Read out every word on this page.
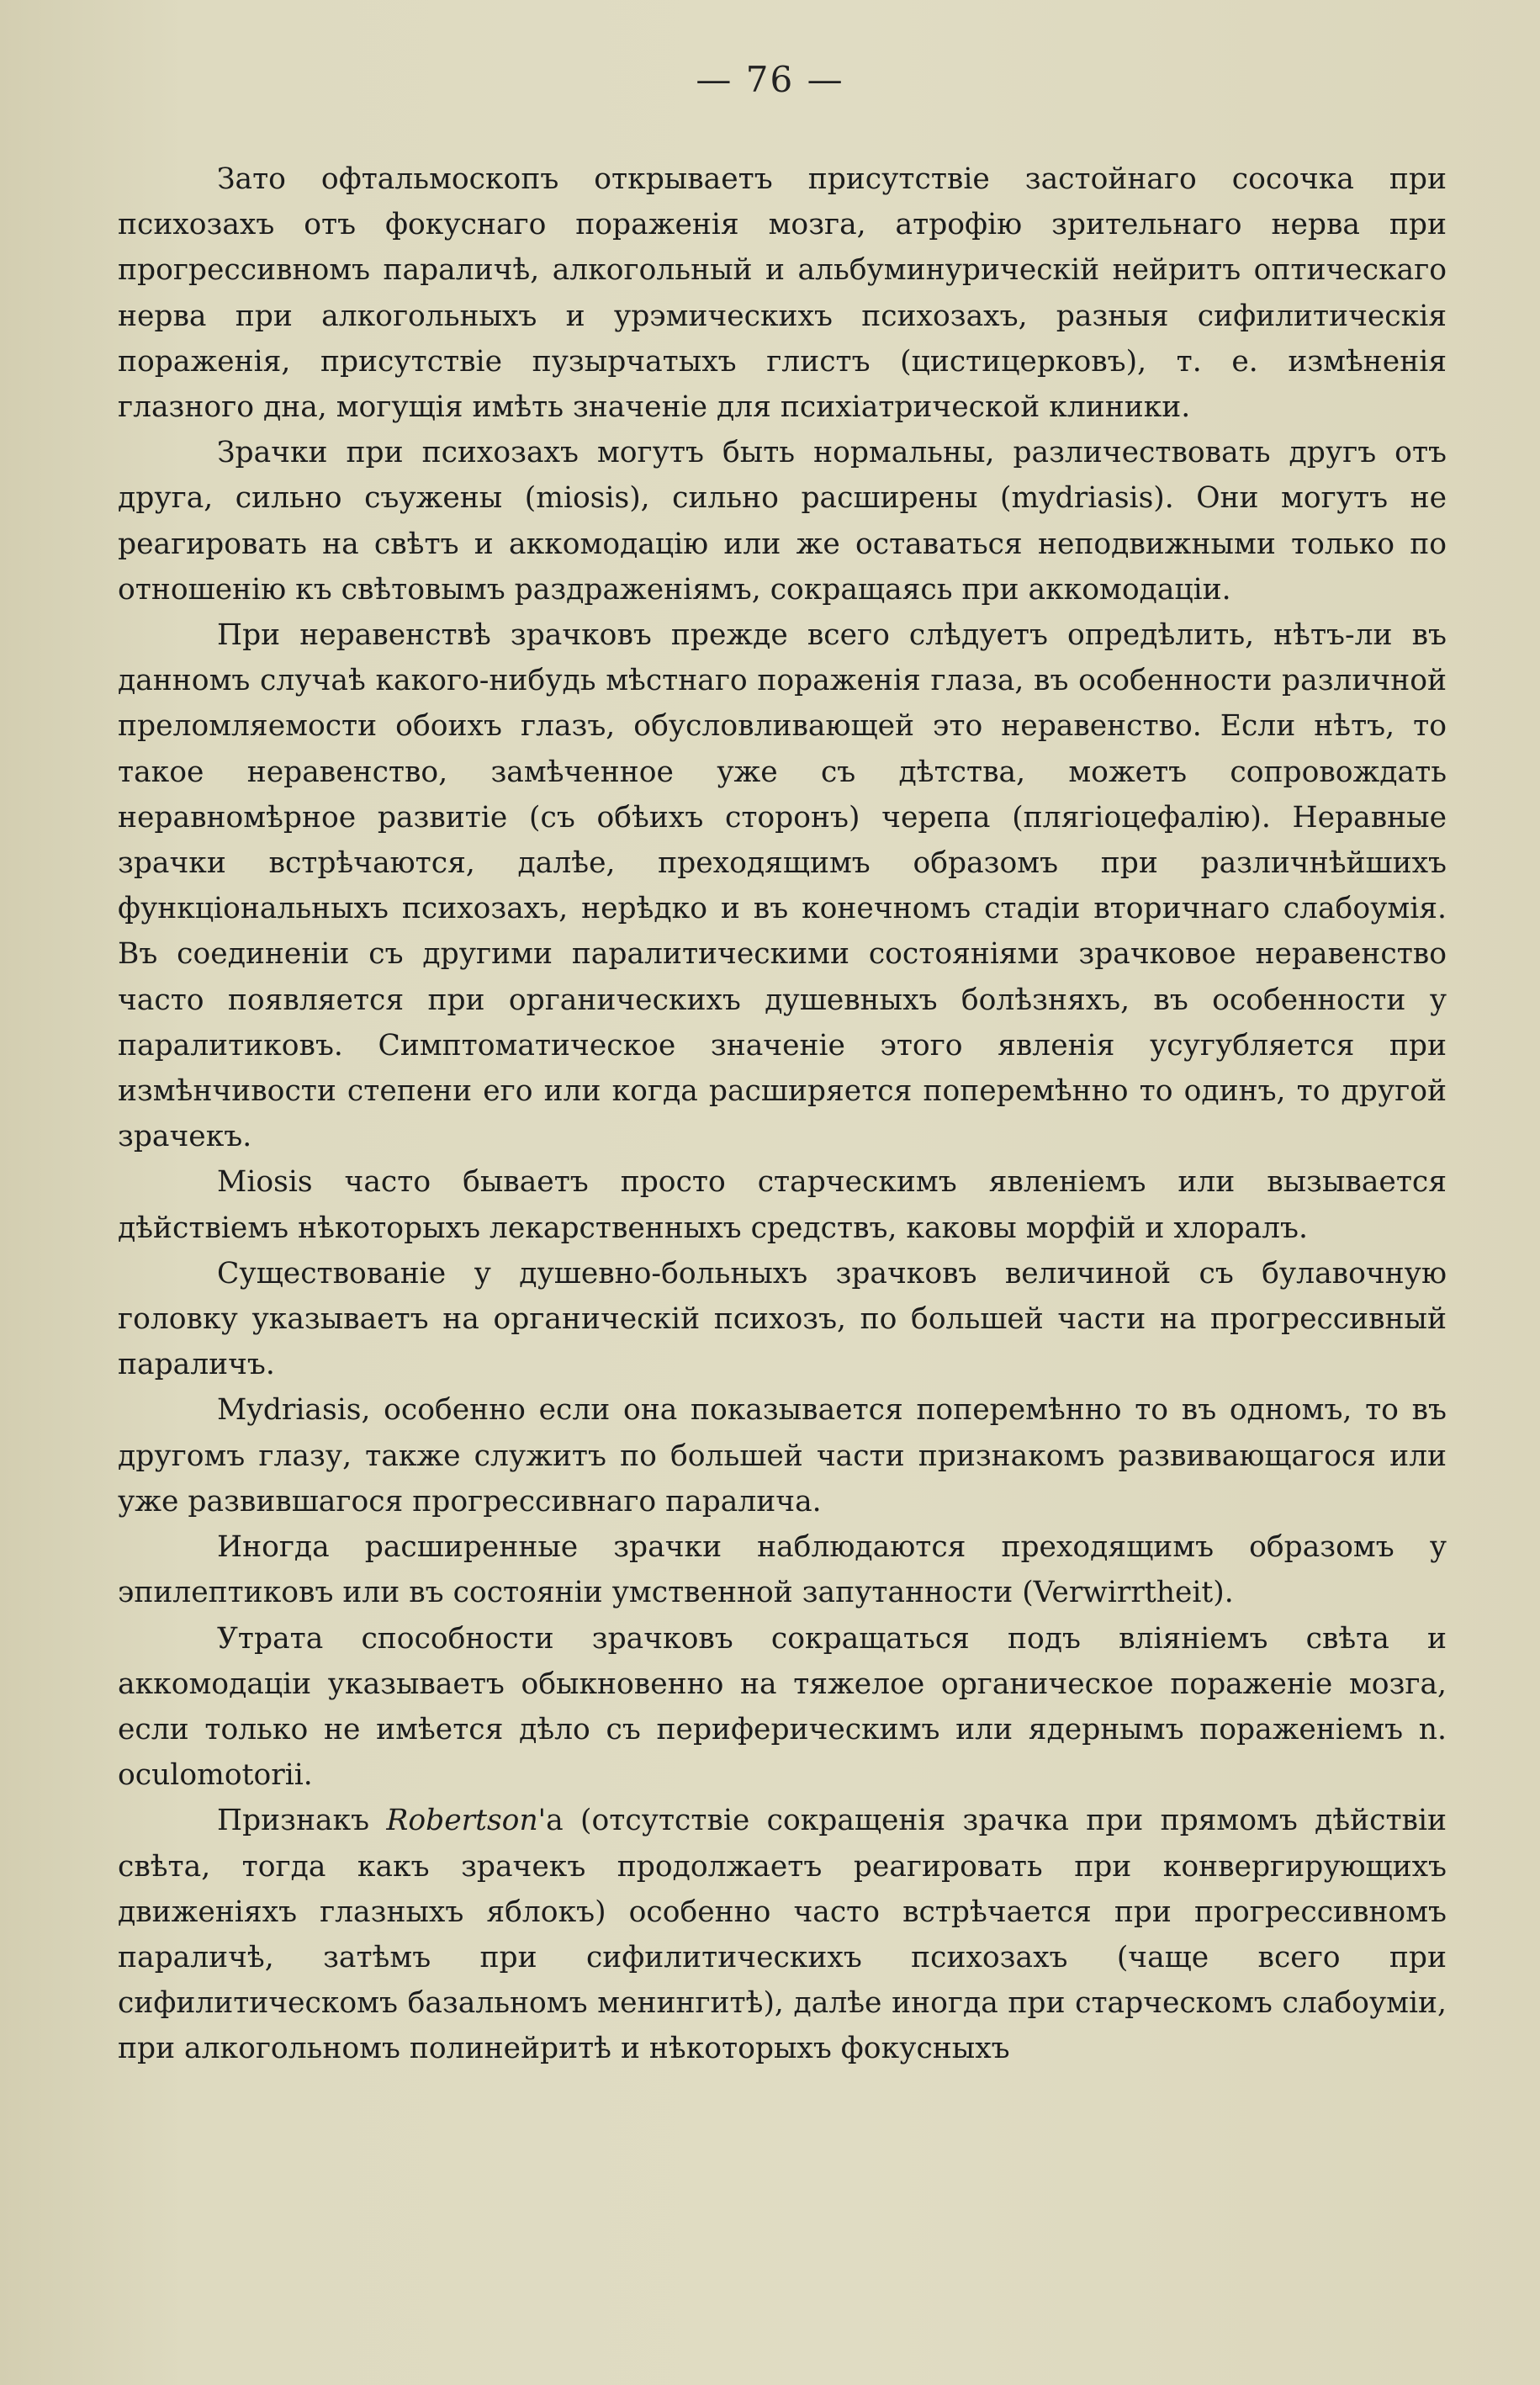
— 76 —

Зато офтальмоскопъ открываетъ присутствіе застойнаго сосочка при психозахъ отъ фокуснаго пораженія мозга, атрофію зрительнаго нерва при прогрессивномъ параличѣ, алкогольный и альбуминурическій нейритъ оптическаго нерва при алкогольныхъ и урэмическихъ психозахъ, разныя сифилитическія пораженія, присутствіе пузырчатыхъ глистъ (цистицерковъ), т. е. измѣненія глазного дна, могущія имѣть значеніе для психіатрической клиники.

Зрачки при психозахъ могутъ быть нормальны, различествовать другъ отъ друга, сильно съужены (miosis), сильно расширены (mydriasis). Они могутъ не реагировать на свѣтъ и аккомодацію или же оставаться неподвижными только по отношенію къ свѣтовымъ раздраженіямъ, сокращаясь при аккомодаціи.

При неравенствѣ зрачковъ прежде всего слѣдуетъ опредѣлить, нѣтъ-ли въ данномъ случаѣ какого-нибудь мѣстнаго пораженія глаза, въ особенности различной преломляемости обоихъ глазъ, обусловливающей это неравенство. Если нѣтъ, то такое неравенство, замѣченное уже съ дѣтства, можетъ сопровождать неравномѣрное развитіе (съ обѣихъ сторонъ) черепа (плягіоцефалію). Неравные зрачки встрѣчаются, далѣе, преходящимъ образомъ при различнѣйшихъ функціональныхъ психозахъ, нерѣдко и въ конечномъ стадіи вторичнаго слабоумія. Въ соединеніи съ другими паралитическими состояніями зрачковое неравенство часто появляется при органическихъ душевныхъ болѣзняхъ, въ особенности у паралитиковъ. Симптоматическое значеніе этого явленія усугубляется при измѣнчивости степени его или когда расширяется поперемѣнно то одинъ, то другой зрачекъ.

Miosis часто бываетъ просто старческимъ явленіемъ или вызывается дѣйствіемъ нѣкоторыхъ лекарственныхъ средствъ, каковы морфій и хлоралъ.

Существованіе у душевно-больныхъ зрачковъ величиной съ булавочную головку указываетъ на органическій психозъ, по большей части на прогрессивный параличъ.

Mydriasis, особенно если она показывается поперемѣнно то въ одномъ, то въ другомъ глазу, также служитъ по большей части признакомъ развивающагося или уже развившагося прогрессивнаго паралича.

Иногда расширенные зрачки наблюдаются преходящимъ образомъ у эпилептиковъ или въ состояніи умственной запутанности (Verwirrtheit).

Утрата способности зрачковъ сокращаться подъ вліяніемъ свѣта и аккомодаціи указываетъ обыкновенно на тяжелое органическое пораженіе мозга, если только не имѣется дѣло съ периферическимъ или ядернымъ пораженіемъ n. oculomotorii.

Признакъ Robertson'а (отсутствіе сокращенія зрачка при прямомъ дѣйствіи свѣта, тогда какъ зрачекъ продолжаетъ реагировать при конвергирующихъ движеніяхъ глазныхъ яблокъ) особенно часто встрѣчается при прогрессивномъ параличѣ, затѣмъ при сифилитическихъ психозахъ (чаще всего при сифилитическомъ базальномъ менингитѣ), далѣе иногда при старческомъ слабоуміи, при алкогольномъ полинейритѣ и нѣкоторыхъ фокусныхъ
